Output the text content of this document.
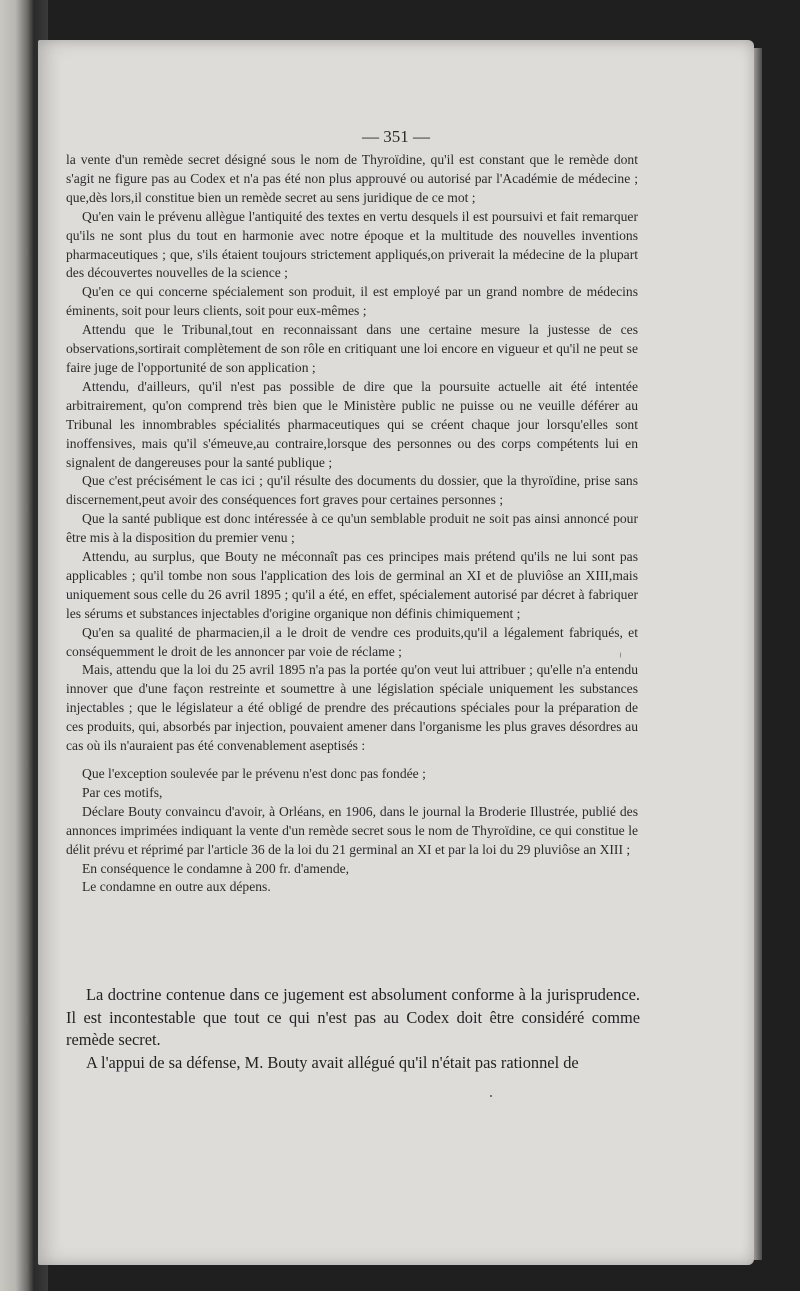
— 351 —

la vente d'un remède secret désigné sous le nom de Thyroïdine, qu'il est constant que le remède dont s'agit ne figure pas au Codex et n'a pas été non plus approuvé ou autorisé par l'Académie de médecine ; que,dès lors,il constitue bien un remède secret au sens juridique de ce mot ;

Qu'en vain le prévenu allègue l'antiquité des textes en vertu desquels il est poursuivi et fait remarquer qu'ils ne sont plus du tout en harmonie avec notre époque et la multitude des nouvelles inventions pharmaceutiques ; que, s'ils étaient toujours strictement appliqués,on priverait la médecine de la plupart des découvertes nouvelles de la science ;

Qu'en ce qui concerne spécialement son produit, il est employé par un grand nombre de médecins éminents, soit pour leurs clients, soit pour eux-mêmes ;

Attendu que le Tribunal,tout en reconnaissant dans une certaine mesure la justesse de ces observations,sortirait complètement de son rôle en critiquant une loi encore en vigueur et qu'il ne peut se faire juge de l'opportunité de son application ;

Attendu, d'ailleurs, qu'il n'est pas possible de dire que la poursuite actuelle ait été intentée arbitrairement, qu'on comprend très bien que le Ministère public ne puisse ou ne veuille déférer au Tribunal les innombrables spécialités pharmaceutiques qui se créent chaque jour lorsqu'elles sont inoffensives, mais qu'il s'émeuve,au contraire,lorsque des personnes ou des corps compétents lui en signalent de dangereuses pour la santé publique ;

Que c'est précisément le cas ici ; qu'il résulte des documents du dossier, que la thyroïdine, prise sans discernement,peut avoir des conséquences fort graves pour certaines personnes ;

Que la santé publique est donc intéressée à ce qu'un semblable produit ne soit pas ainsi annoncé pour être mis à la disposition du premier venu ;

Attendu, au surplus, que Bouty ne méconnaît pas ces principes mais prétend qu'ils ne lui sont pas applicables ; qu'il tombe non sous l'application des lois de germinal an XI et de pluviôse an XIII,mais uniquement sous celle du 26 avril 1895 ; qu'il a été, en effet, spécialement autorisé par décret à fabriquer les sérums et substances injectables d'origine organique non définis chimiquement ;

Qu'en sa qualité de pharmacien,il a le droit de vendre ces produits,qu'il a légalement fabriqués, et conséquemment le droit de les annoncer par voie de réclame ;

Mais, attendu que la loi du 25 avril 1895 n'a pas la portée qu'on veut lui attribuer ; qu'elle n'a entendu innover que d'une façon restreinte et soumettre à une législation spéciale uniquement les substances injectables ; que le législateur a été obligé de prendre des précautions spéciales pour la préparation de ces produits, qui, absorbés par injection, pouvaient amener dans l'organisme les plus graves désordres au cas où ils n'auraient pas été convenablement aseptisés :

Que l'exception soulevée par le prévenu n'est donc pas fondée ;

Par ces motifs,

Déclare Bouty convaincu d'avoir, à Orléans, en 1906, dans le journal la Broderie Illustrée, publié des annonces imprimées indiquant la vente d'un remède secret sous le nom de Thyroïdine, ce qui constitue le délit prévu et réprimé par l'article 36 de la loi du 21 germinal an XI et par la loi du 29 pluviôse an XIII ;

En conséquence le condamne à 200 fr. d'amende,

Le condamne en outre aux dépens.

La doctrine contenue dans ce jugement est absolument conforme à la jurisprudence. Il est incontestable que tout ce qui n'est pas au Codex doit être considéré comme remède secret.

A l'appui de sa défense, M. Bouty avait allégué qu'il n'était pas rationnel de
